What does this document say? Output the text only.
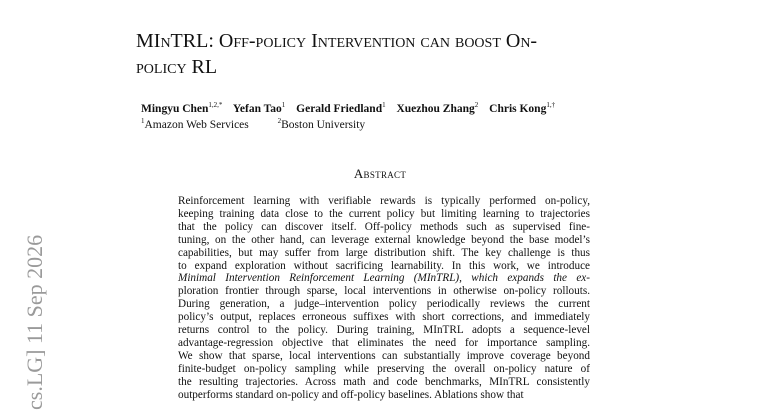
MInTRL: Off-policy Intervention can boost On-
policy RL
Mingyu Chen$^{1,2,*}$ Yefan Tao$^1$ Gerald Friedland$^1$ Xuezhou Zhang$^2$ Chris Kong$^{1,\dagger}$
$^1$Amazon Web Services	$^2$Boston University
Abstract
Reinforcement learning with verifiable rewards is typically performed on-policy,
keeping training data close to the current policy but limiting learning to trajectories
that the policy can discover itself. Off-policy methods such as supervised fine-
tuning, on the other hand, can leverage external knowledge beyond the base model’s
capabilities, but may suffer from large distribution shift. The key challenge is thus
to expand exploration without sacrificing learnability. In this work, we introduce
Minimal Intervention Reinforcement Learning (MInTRL), which expands the ex-
ploration frontier through sparse, local interventions in otherwise on-policy rollouts.
During generation, a judge–intervention policy periodically reviews the current
policy’s output, replaces erroneous suffixes with short corrections, and immediately
returns control to the policy. During training, MInTRL adopts a sequence-level
advantage-regression objective that eliminates the need for importance sampling.
We show that sparse, local interventions can substantially improve coverage beyond
finite-budget on-policy sampling while preserving the overall on-policy nature of
the resulting trajectories. Across math and code benchmarks, MInTRL consistently
outperforms standard on-policy and off-policy baselines. Ablations show that
cs.LG] 11 Sep 2026
